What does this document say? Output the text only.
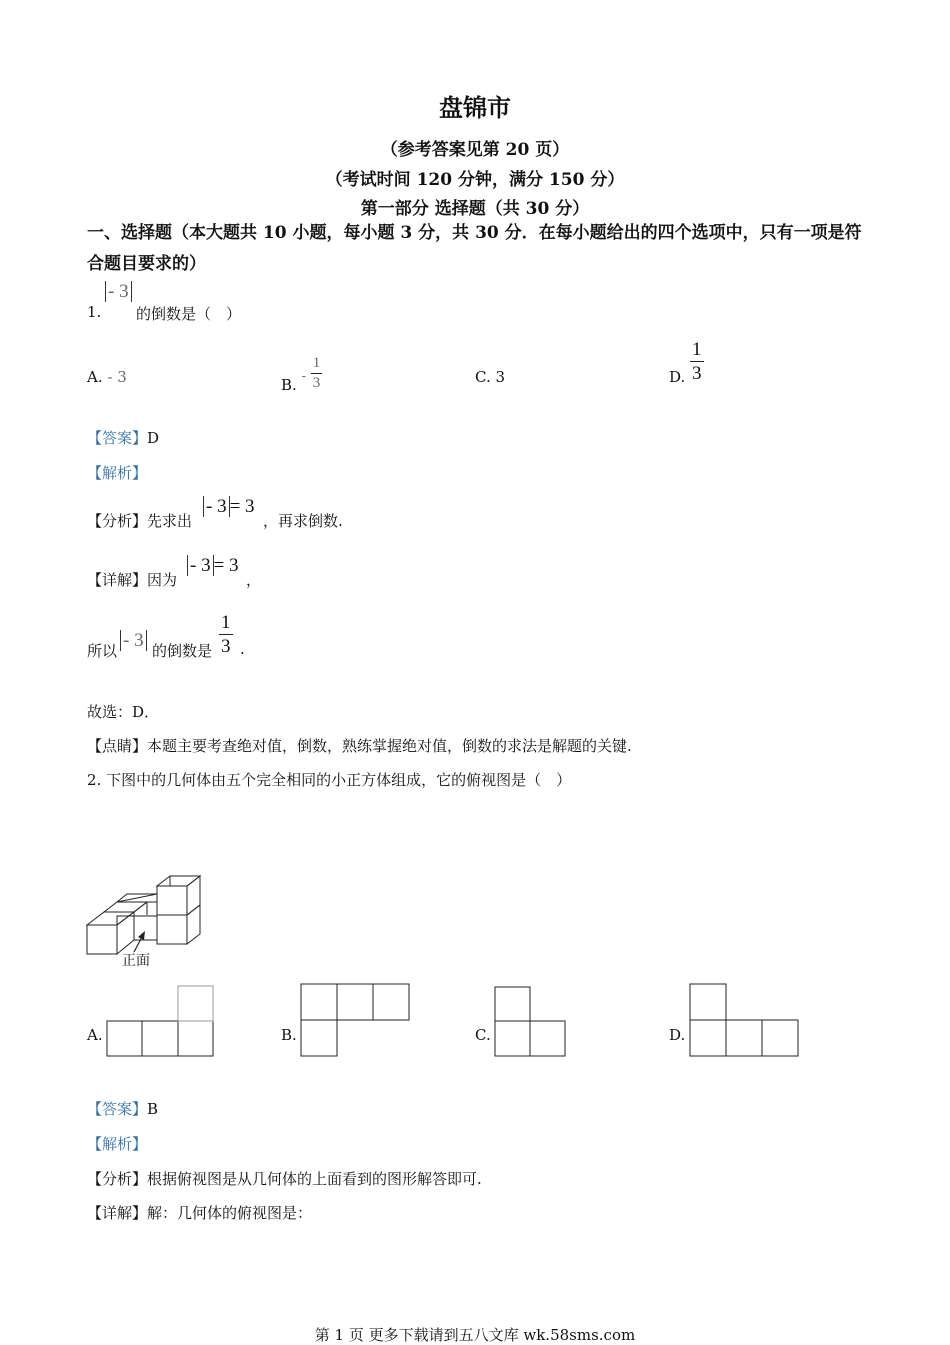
盘锦市
（参考答案见第 20 页）
（考试时间 120 分钟，满分 150 分）
第一部分 选择题（共 30 分）
一、选择题（本大题共 10 小题，每小题 3 分，共 30 分．在每小题给出的四个选项中，只有一项是符合题目要求的）
1.
- 3
的倒数是（　）
A. - 3	B. - $\frac{1}{3}$	C. 3	D. $\frac{1}{3}$
【答案】D
【解析】
【分析】先求出
- 3 = 3
，再求倒数.
【详解】因为
- 3 = 3
，
所以 - 3 的倒数是 $\frac{1}{3}$ .
故选：D．
【点睛】本题主要考查绝对值，倒数，熟练掌握绝对值，倒数的求法是解题的关键.
2. 下图中的几何体由五个完全相同的小正方体组成，它的俯视图是（　）
正面
A.	B.	C.	D.
【答案】B
【解析】
【分析】根据俯视图是从几何体的上面看到的图形解答即可.
【详解】解：几何体的俯视图是：
第 1 页 更多下载请到五八文库 wk.58sms.com
